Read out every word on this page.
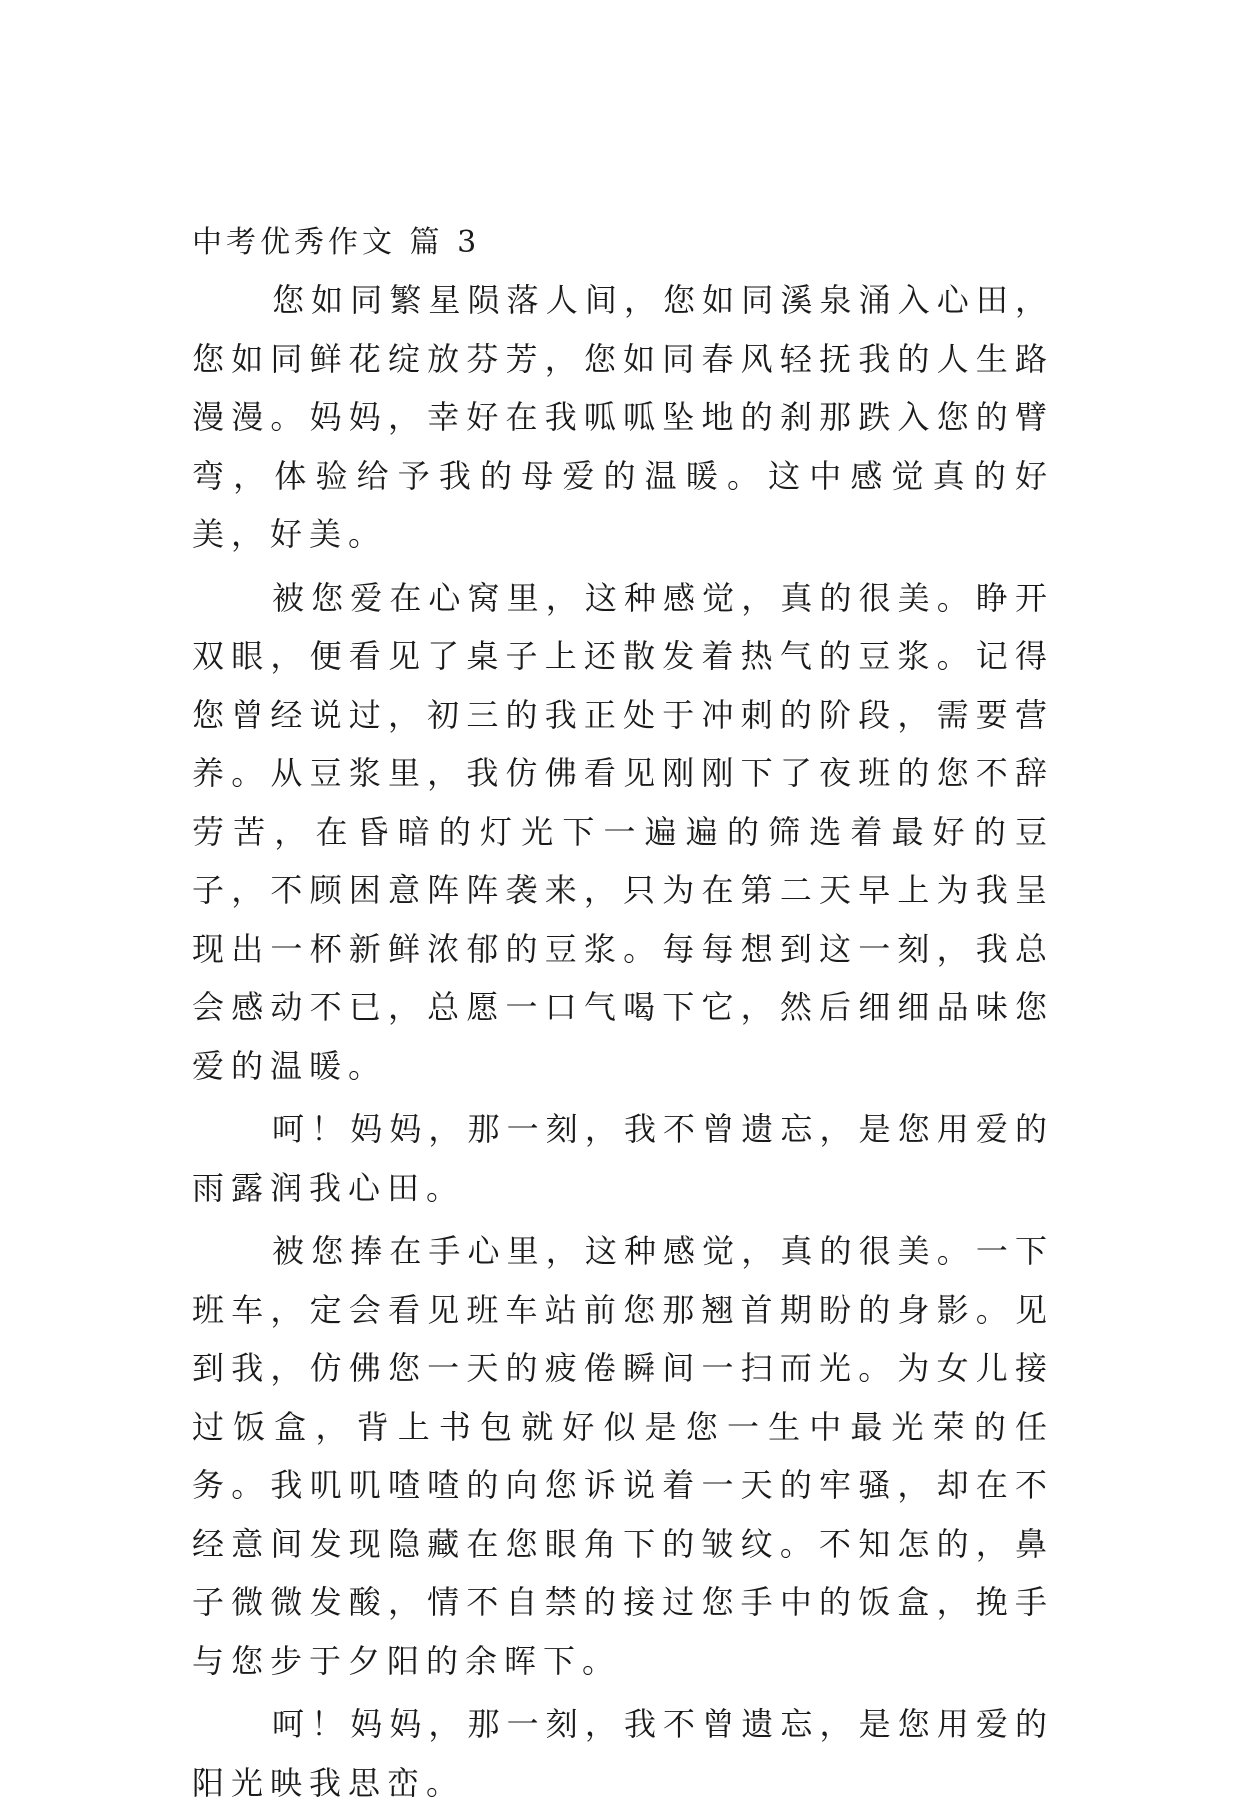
中考优秀作文 篇 3

您如同繁星陨落人间，您如同溪泉涌入心田，您如同鲜花绽放芬芳，您如同春风轻抚我的人生路漫漫。妈妈，幸好在我呱呱坠地的刹那跌入您的臂弯，体验给予我的母爱的温暖。这中感觉真的好美，好美。

被您爱在心窝里，这种感觉，真的很美。睁开双眼，便看见了桌子上还散发着热气的豆浆。记得您曾经说过，初三的我正处于冲刺的阶段，需要营养。从豆浆里，我仿佛看见刚刚下了夜班的您不辞劳苦，在昏暗的灯光下一遍遍的筛选着最好的豆子，不顾困意阵阵袭来，只为在第二天早上为我呈现出一杯新鲜浓郁的豆浆。每每想到这一刻，我总会感动不已，总愿一口气喝下它，然后细细品味您爱的温暖。

呵！妈妈，那一刻，我不曾遗忘，是您用爱的雨露润我心田。

被您捧在手心里，这种感觉，真的很美。一下班车，定会看见班车站前您那翘首期盼的身影。见到我，仿佛您一天的疲倦瞬间一扫而光。为女儿接过饭盒，背上书包就好似是您一生中最光荣的任务。我叽叽喳喳的向您诉说着一天的牢骚，却在不经意间发现隐藏在您眼角下的皱纹。不知怎的，鼻子微微发酸，情不自禁的接过您手中的饭盒，挽手与您步于夕阳的余晖下。

呵！妈妈，那一刻，我不曾遗忘，是您用爱的阳光映我思峦。
